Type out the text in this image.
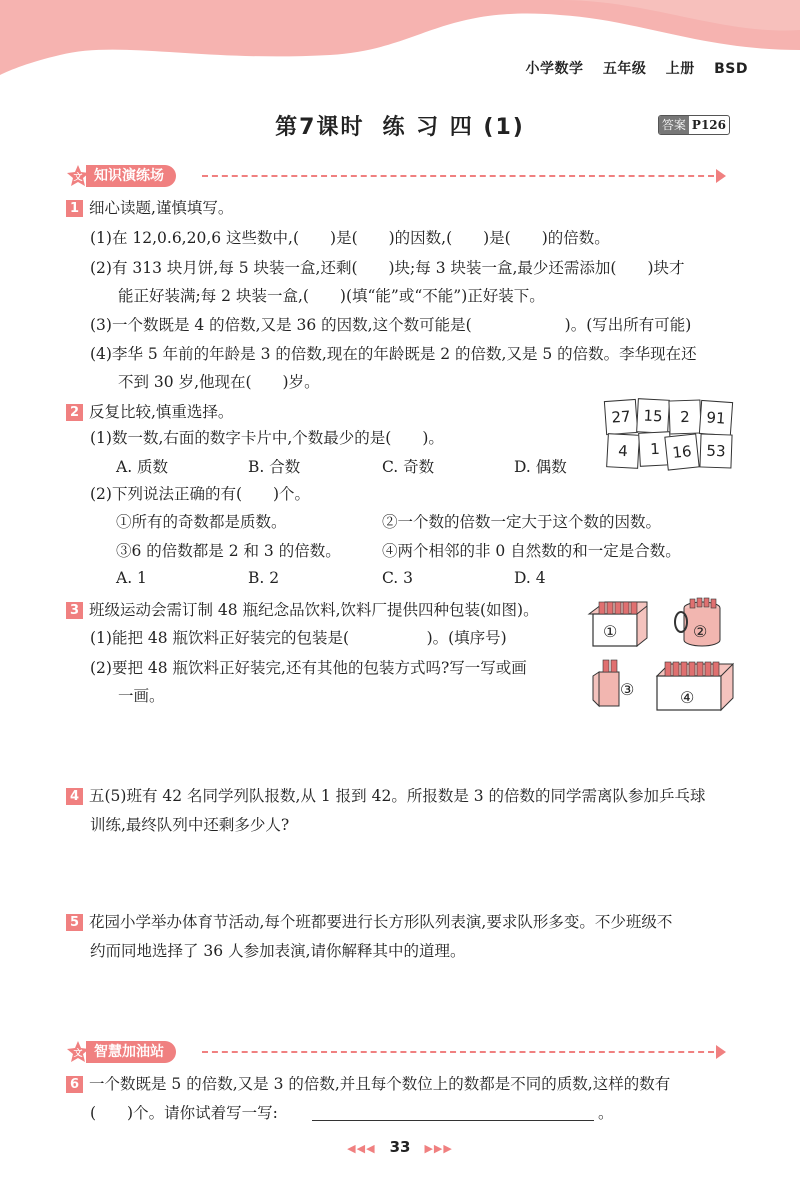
小学数学 五年级 上册 BSD
第7课时 练 习 四 (1)	答案 P126
文 知识演练场
1 细心读题,谨慎填写。
(1)在 12,0.6,20,6 这些数中,(　　)是(　　)的因数,(　　)是(　　)的倍数。
(2)有 313 块月饼,每 5 块装一盒,还剩(　　)块;每 3 块装一盒,最少还需添加(　　)块才
能正好装满;每 2 块装一盒,(　　)(填“能”或“不能”)正好装下。
(3)一个数既是 4 的倍数,又是 36 的因数,这个数可能是(　　　　　　)。(写出所有可能)
(4)李华 5 年前的年龄是 3 的倍数,现在的年龄既是 2 的倍数,又是 5 的倍数。李华现在还
不到 30 岁,他现在(　　)岁。
2 反复比较,慎重选择。
(1)数一数,右面的数字卡片中,个数最少的是(　　)。
A. 质数	B. 合数	C. 奇数	D. 偶数
(2)下列说法正确的有(　　)个。
①所有的奇数都是质数。	②一个数的倍数一定大于这个数的因数。
③6 的倍数都是 2 和 3 的倍数。	④两个相邻的非 0 自然数的和一定是合数。
A. 1	B. 2	C. 3	D. 4
27 15	2	91
4	1 16 53
3 班级运动会需订制 48 瓶纪念品饮料,饮料厂提供四种包装(如图)。
(1)能把 48 瓶饮料正好装完的包装是(　　　　　)。(填序号)
(2)要把 48 瓶饮料正好装完,还有其他的包装方式吗?写一写或画
一画。
①	②
③	④
4 五(5)班有 42 名同学列队报数,从 1 报到 42。所报数是 3 的倍数的同学需离队参加乒乓球
训练,最终队列中还剩多少人?
5 花园小学举办体育节活动,每个班都要进行长方形队列表演,要求队形多变。不少班级不
约而同地选择了 36 人参加表演,请你解释其中的道理。
文 智慧加油站
6 一个数既是 5 的倍数,又是 3 的倍数,并且每个数位上的数都是不同的质数,这样的数有
(　　)个。请你试着写一写:	。
◀◀◀ 33 ▶▶▶
